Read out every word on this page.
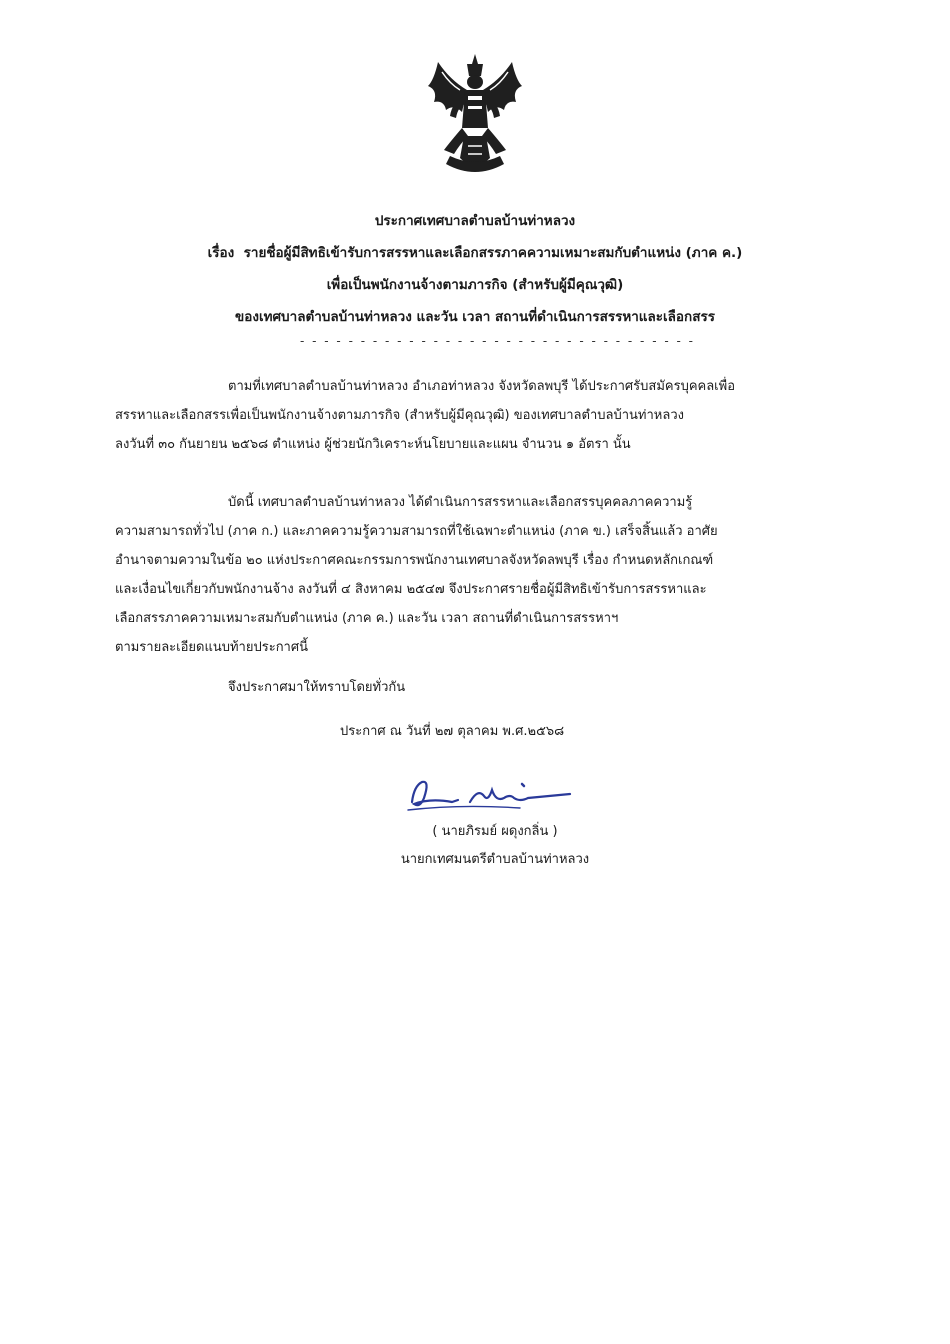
ประกาศเทศบาลตำบลบ้านท่าหลวง
เรื่อง รายชื่อผู้มีสิทธิเข้ารับการสรรหาและเลือกสรรภาคความเหมาะสมกับตำแหน่ง (ภาค ค.)
เพื่อเป็นพนักงานจ้างตามภารกิจ (สำหรับผู้มีคุณวุฒิ)
ของเทศบาลตำบลบ้านท่าหลวง และวัน เวลา สถานที่ดำเนินการสรรหาและเลือกสรร
- - - - - - - - - - - - - - - - - - - - - - - - - - - - - - - - -

ตามที่เทศบาลตำบลบ้านท่าหลวง อำเภอท่าหลวง จังหวัดลพบุรี ได้ประกาศรับสมัครบุคคลเพื่อ
สรรหาและเลือกสรรเพื่อเป็นพนักงานจ้างตามภารกิจ (สำหรับผู้มีคุณวุฒิ) ของเทศบาลตำบลบ้านท่าหลวง
ลงวันที่ ๓๐ กันยายน ๒๕๖๘ ตำแหน่ง ผู้ช่วยนักวิเคราะห์นโยบายและแผน จำนวน ๑ อัตรา นั้น

บัดนี้ เทศบาลตำบลบ้านท่าหลวง ได้ดำเนินการสรรหาและเลือกสรรบุคคลภาคความรู้
ความสามารถทั่วไป (ภาค ก.) และภาคความรู้ความสามารถที่ใช้เฉพาะตำแหน่ง (ภาค ข.) เสร็จสิ้นแล้ว อาศัย
อำนาจตามความในข้อ ๒๐ แห่งประกาศคณะกรรมการพนักงานเทศบาลจังหวัดลพบุรี เรื่อง กำหนดหลักเกณฑ์
และเงื่อนไขเกี่ยวกับพนักงานจ้าง ลงวันที่ ๔ สิงหาคม ๒๕๔๗ จึงประกาศรายชื่อผู้มีสิทธิเข้ารับการสรรหาและ
เลือกสรรภาคความเหมาะสมกับตำแหน่ง (ภาค ค.) และวัน เวลา สถานที่ดำเนินการสรรหาฯ
ตามรายละเอียดแนบท้ายประกาศนี้

จึงประกาศมาให้ทราบโดยทั่วกัน
ประกาศ ณ วันที่ ๒๗ ตุลาคม พ.ศ.๒๕๖๘
( นายภิรมย์ ผดุงกลิ่น )
นายกเทศมนตรีตำบลบ้านท่าหลวง
